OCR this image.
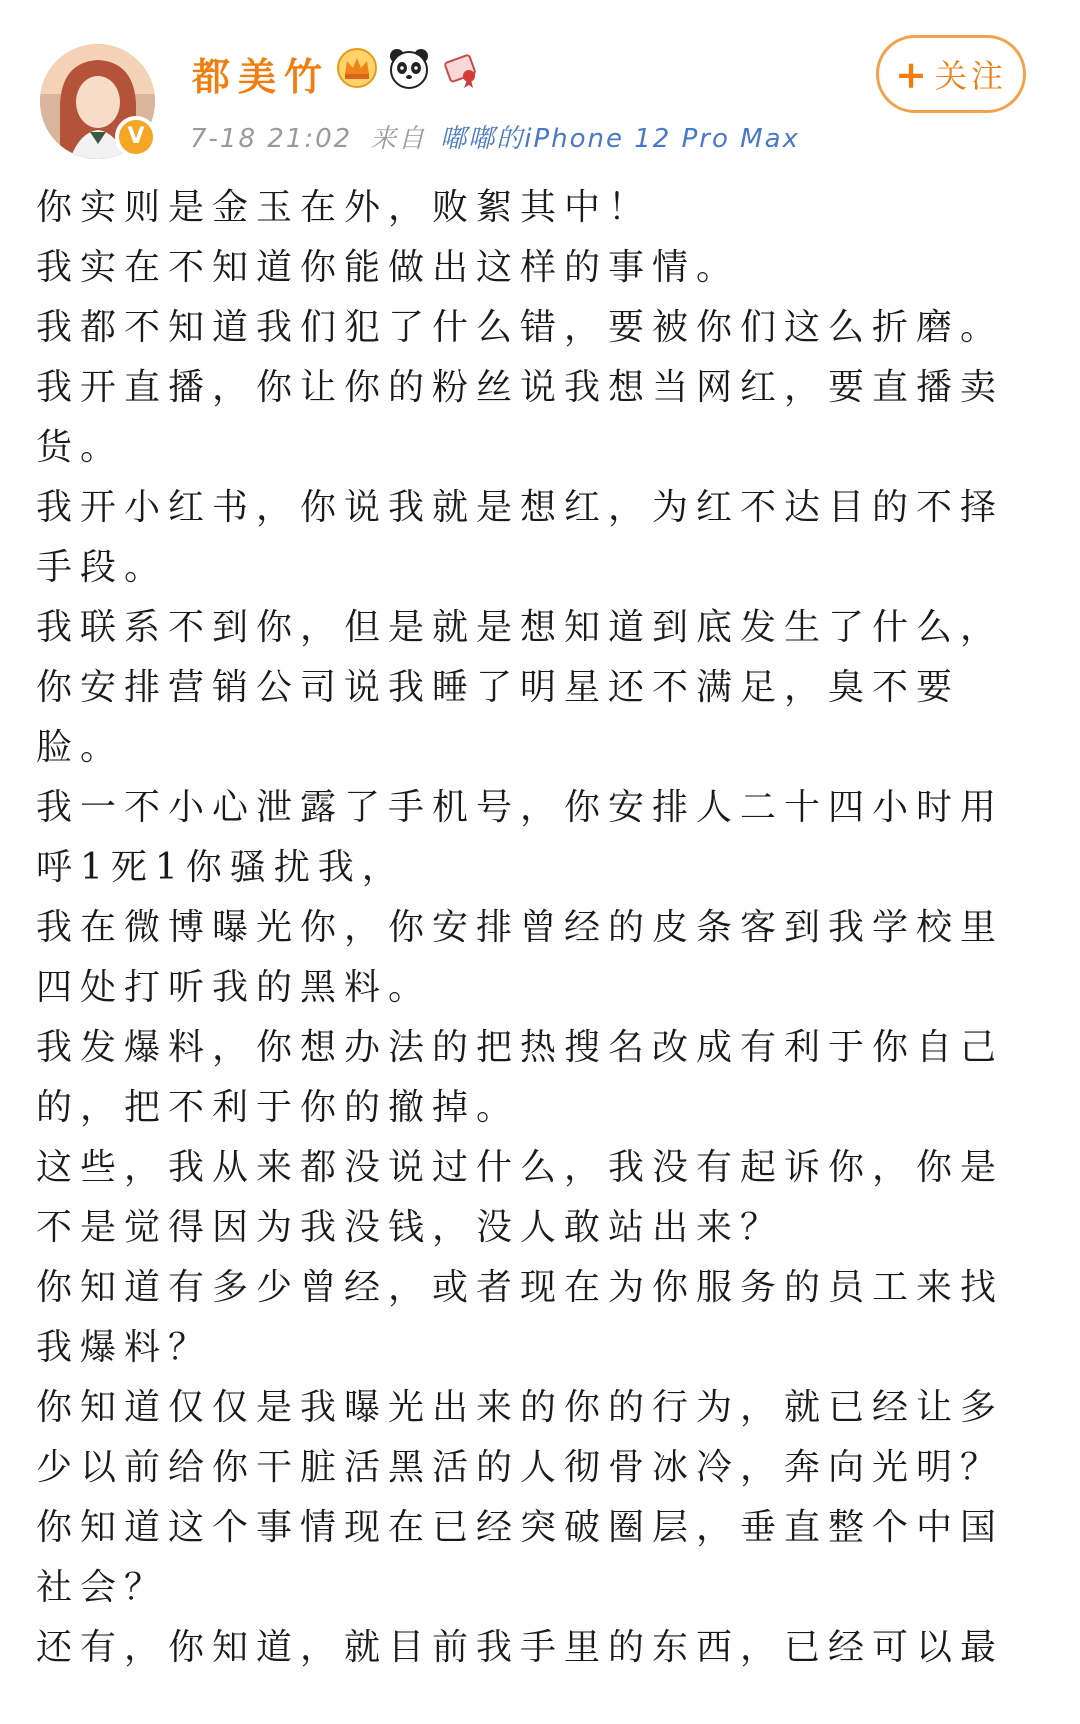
V
都美竹
7-18 21:02 来自 嘟嘟的iPhone 12 Pro Max
+ 关注
你实则是金玉在外，败絮其中！
我实在不知道你能做出这样的事情。
我都不知道我们犯了什么错，要被你们这么折磨。
我开直播，你让你的粉丝说我想当网红，要直播卖
货。
我开小红书，你说我就是想红，为红不达目的不择
手段。
我联系不到你，但是就是想知道到底发生了什么，
你安排营销公司说我睡了明星还不满足，臭不要
脸。
我一不小心泄露了手机号，你安排人二十四小时用
呼1死1你骚扰我，
我在微博曝光你，你安排曾经的皮条客到我学校里
四处打听我的黑料。
我发爆料，你想办法的把热搜名改成有利于你自己
的，把不利于你的撤掉。
这些，我从来都没说过什么，我没有起诉你，你是
不是觉得因为我没钱，没人敢站出来？
你知道有多少曾经，或者现在为你服务的员工来找
我爆料？
你知道仅仅是我曝光出来的你的行为，就已经让多
少以前给你干脏活黑活的人彻骨冰冷，奔向光明？
你知道这个事情现在已经突破圈层，垂直整个中国
社会？
还有，你知道，就目前我手里的东西，已经可以最
